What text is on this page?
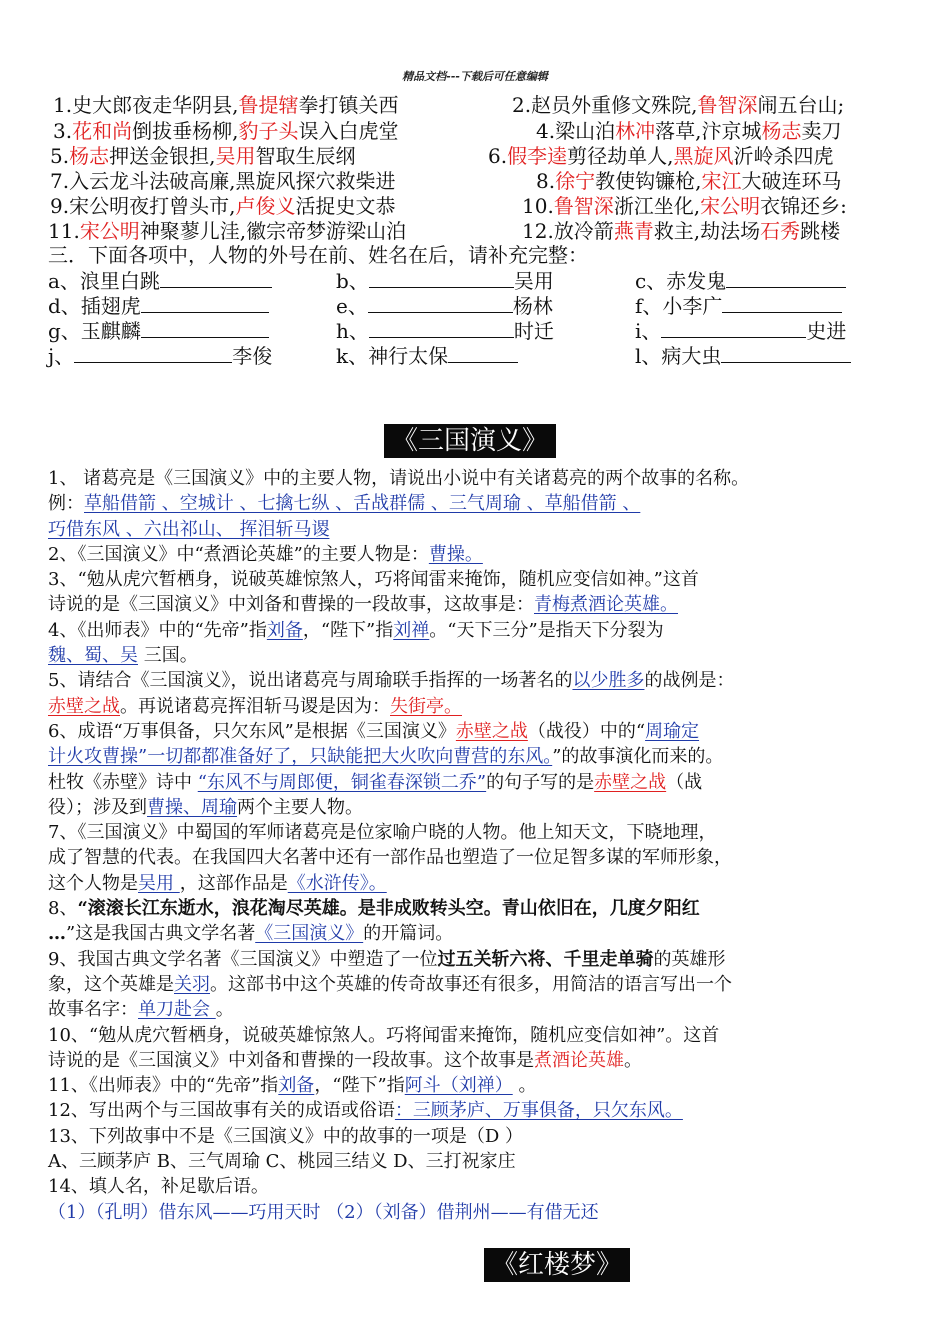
精品文档---下载后可任意编辑
1.史大郎夜走华阴县,鲁提辖拳打镇关西	2.赵员外重修文殊院,鲁智深闹五台山;
3.花和尚倒拔垂杨柳,豹子头误入白虎堂	4.梁山泊林冲落草,汴京城杨志卖刀
5.杨志押送金银担,吴用智取生辰纲	6.假李逵剪径劫单人,黑旋风沂岭杀四虎
7.入云龙斗法破高廉,黑旋风探穴救柴进	8.徐宁教使钩镰枪,宋江大破连环马
9.宋公明夜打曾头市,卢俊义活捉史文恭	10.鲁智深浙江坐化,宋公明衣锦还乡:
11.宋公明神聚蓼儿洼,徽宗帝梦游梁山泊	12.放冷箭燕青救主,劫法场石秀跳楼
三．下面各项中，人物的外号在前、姓名在后，请补充完整：
a、浪里白跳	b、	吴用	c、赤发鬼
d、插翅虎	e、	杨林	f、小李广
g、玉麒麟	h、	时迁	i、	史进
j、	李俊	k、神行太保	l、病大虫
《三国演义》
1、 诸葛亮是《三国演义》中的主要人物，请说出小说中有关诸葛亮的两个故事的名称。
例：草船借箭 、空城计 、七擒七纵 、舌战群儒 、三气周瑜 、草船借箭 、
巧借东风 、六出祁山、 挥泪斩马谡
2、《三国演义》中“煮酒论英雄”的主要人物是：曹操。
3、“勉从虎穴暂栖身，说破英雄惊煞人，巧将闻雷来掩饰，随机应变信如神。”这首
诗说的是《三国演义》中刘备和曹操的一段故事，这故事是：青梅煮酒论英雄。
4、《出师表》中的“先帝”指刘备，“陛下”指刘禅。“天下三分”是指天下分裂为
魏、蜀、吴 三国。
5、请结合《三国演义》，说出诸葛亮与周瑜联手指挥的一场著名的以少胜多的战例是：
赤壁之战。再说诸葛亮挥泪斩马谡是因为：失街亭。
6、成语“万事俱备，只欠东风”是根据《三国演义》赤壁之战（战役）中的“周瑜定
计火攻曹操”一切都都准备好了，只缺能把大火吹向曹营的东风。”的故事演化而来的。
杜牧《赤壁》诗中 “东风不与周郎便，铜雀春深锁二乔”的句子写的是赤壁之战（战
役）；涉及到曹操、周瑜两个主要人物。
7、《三国演义》中蜀国的军师诸葛亮是位家喻户晓的人物。他上知天文，下晓地理，
成了智慧的代表。在我国四大名著中还有一部作品也塑造了一位足智多谋的军师形象，
这个人物是吴用 ，这部作品是《水浒传》。
8、“滚滚长江东逝水，浪花淘尽英雄。是非成败转头空。青山依旧在，几度夕阳红
…”这是我国古典文学名著《三国演义》的开篇词。
9、我国古典文学名著《三国演义》中塑造了一位过五关斩六将、千里走单骑的英雄形
象，这个英雄是关羽。这部书中这个英雄的传奇故事还有很多，用简洁的语言写出一个
故事名字：单刀赴会 。
10、“勉从虎穴暂栖身，说破英雄惊煞人。巧将闻雷来掩饰，随机应变信如神”。这首
诗说的是《三国演义》中刘备和曹操的一段故事。这个故事是煮酒论英雄。
11、《出师表》中的“先帝”指刘备，“陛下”指阿斗（刘禅） 。
12、写出两个与三国故事有关的成语或俗语：三顾茅庐、万事俱备，只欠东风。
13、下列故事中不是《三国演义》中的故事的一项是（D ）
A、三顾茅庐 B、三气周瑜 C、桃园三结义 D、三打祝家庄
14、填人名，补足歇后语。
（1）（孔明）借东风——巧用天时 （2）（刘备）借荆州——有借无还
《红楼梦》
